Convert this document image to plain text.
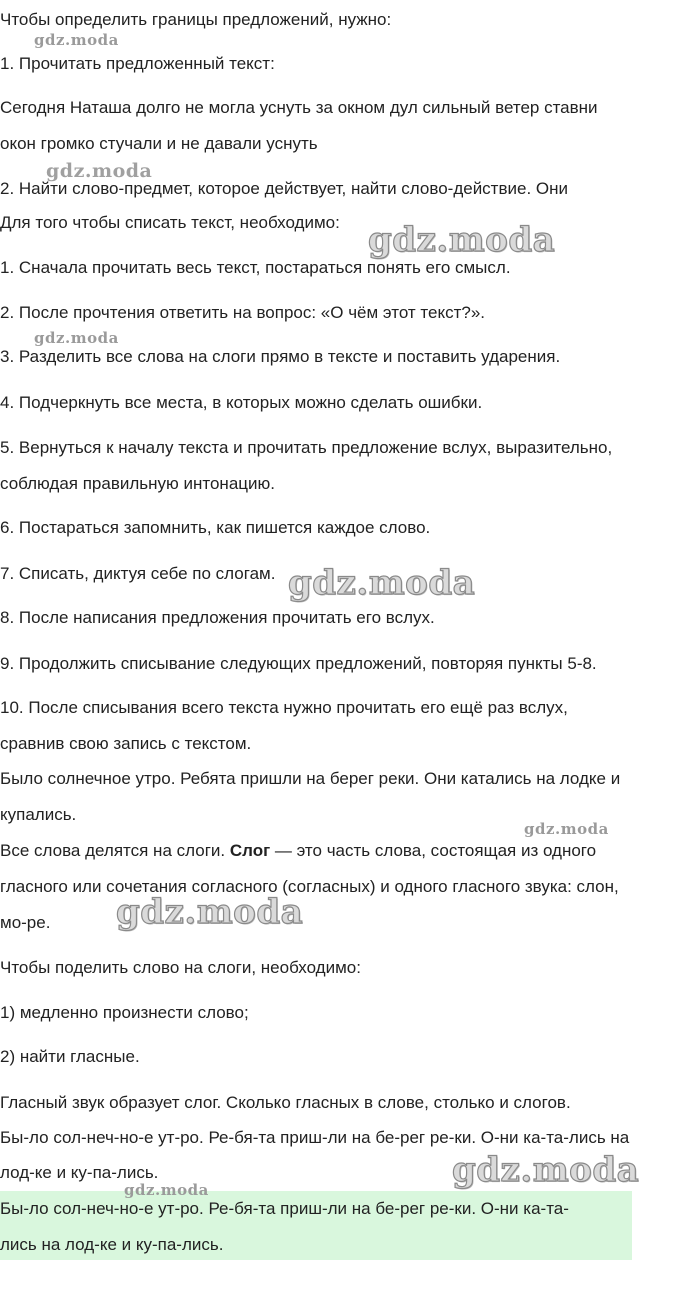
Чтобы определить границы предложений, нужно:

1. Прочитать предложенный текст:

Сегодня Наташа долго не могла уснуть за окном дул сильный ветер ставни

окон громко стучали и не давали уснуть

2. Найти слово-предмет, которое действует, найти слово-действие. Они

Для того чтобы списать текст, необходимо:

1. Сначала прочитать весь текст, постараться понять его смысл.

2. После прочтения ответить на вопрос: «О чём этот текст?».

3. Разделить все слова на слоги прямо в тексте и поставить ударения.

4. Подчеркнуть все места, в которых можно сделать ошибки.

5. Вернуться к началу текста и прочитать предложение вслух, выразительно,

соблюдая правильную интонацию.

6. Постараться запомнить, как пишется каждое слово.

7. Списать, диктуя себе по слогам.

8. После написания предложения прочитать его вслух.

9. Продолжить списывание следующих предложений, повторяя пункты 5-8.

10. После списывания всего текста нужно прочитать его ещё раз вслух,

сравнив свою запись с текстом.

Было солнечное утро. Ребята пришли на берег реки. Они катались на лодке и

купались.

Все слова делятся на слоги. Слог — это часть слова, состоящая из одного

гласного или сочетания согласного (согласных) и одного гласного звука: слон,

мо-ре.

Чтобы поделить слово на слоги, необходимо:

1) медленно произнести слово;

2) найти гласные.

Гласный звук образует слог. Сколько гласных в слове, столько и слогов.

Бы-ло сол-неч-но-е ут-ро. Ре-бя-та приш-ли на бе-рег ре-ки. О-ни ка-та-лись на

лод-ке и ку-па-лись.

Бы-ло сол-неч-но-е ут-ро. Ре-бя-та приш-ли на бе-рег ре-ки. О-ни ка-та-

лись на лод-ке и ку-па-лись.

gdz.moda
gdz.moda
gdz.moda
gdz.moda
gdz.moda
gdz.moda
gdz.moda
gdz.moda
gdz.moda
